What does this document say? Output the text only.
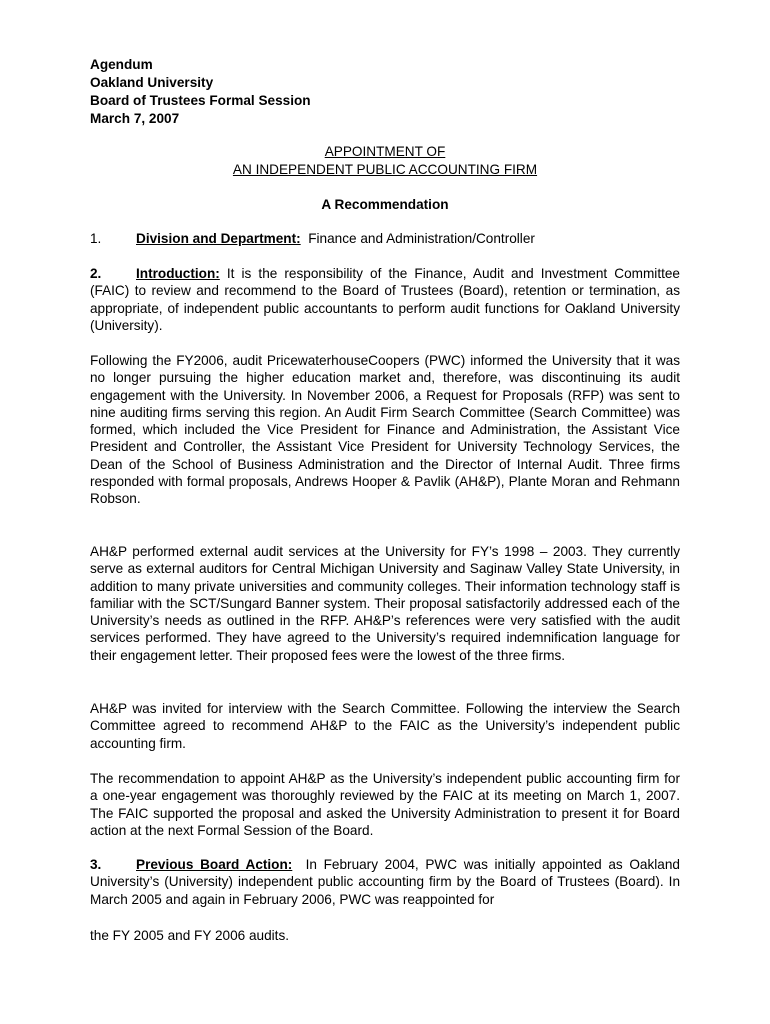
Agendum
Oakland University
Board of Trustees Formal Session
March 7, 2007
APPOINTMENT OF
AN INDEPENDENT PUBLIC ACCOUNTING FIRM
A Recommendation
1.	Division and Department: Finance and Administration/Controller
2.	Introduction: It is the responsibility of the Finance, Audit and Investment Committee (FAIC) to review and recommend to the Board of Trustees (Board), retention or termination, as appropriate, of independent public accountants to perform audit functions for Oakland University (University).
Following the FY2006, audit PricewaterhouseCoopers (PWC) informed the University that it was no longer pursuing the higher education market and, therefore, was discontinuing its audit engagement with the University. In November 2006, a Request for Proposals (RFP) was sent to nine auditing firms serving this region. An Audit Firm Search Committee (Search Committee) was formed, which included the Vice President for Finance and Administration, the Assistant Vice President and Controller, the Assistant Vice President for University Technology Services, the Dean of the School of Business Administration and the Director of Internal Audit. Three firms responded with formal proposals, Andrews Hooper & Pavlik (AH&P), Plante Moran and Rehmann Robson.
AH&P performed external audit services at the University for FY’s 1998 – 2003. They currently serve as external auditors for Central Michigan University and Saginaw Valley State University, in addition to many private universities and community colleges. Their information technology staff is familiar with the SCT/Sungard Banner system. Their proposal satisfactorily addressed each of the University’s needs as outlined in the RFP. AH&P’s references were very satisfied with the audit services performed. They have agreed to the University’s required indemnification language for their engagement letter. Their proposed fees were the lowest of the three firms.
AH&P was invited for interview with the Search Committee. Following the interview the Search Committee agreed to recommend AH&P to the FAIC as the University’s independent public accounting firm.
The recommendation to appoint AH&P as the University’s independent public accounting firm for a one-year engagement was thoroughly reviewed by the FAIC at its meeting on March 1, 2007. The FAIC supported the proposal and asked the University Administration to present it for Board action at the next Formal Session of the Board.
3.	Previous Board Action: In February 2004, PWC was initially appointed as Oakland University’s (University) independent public accounting firm by the Board of Trustees (Board). In March 2005 and again in February 2006, PWC was reappointed for
the FY 2005 and FY 2006 audits.
